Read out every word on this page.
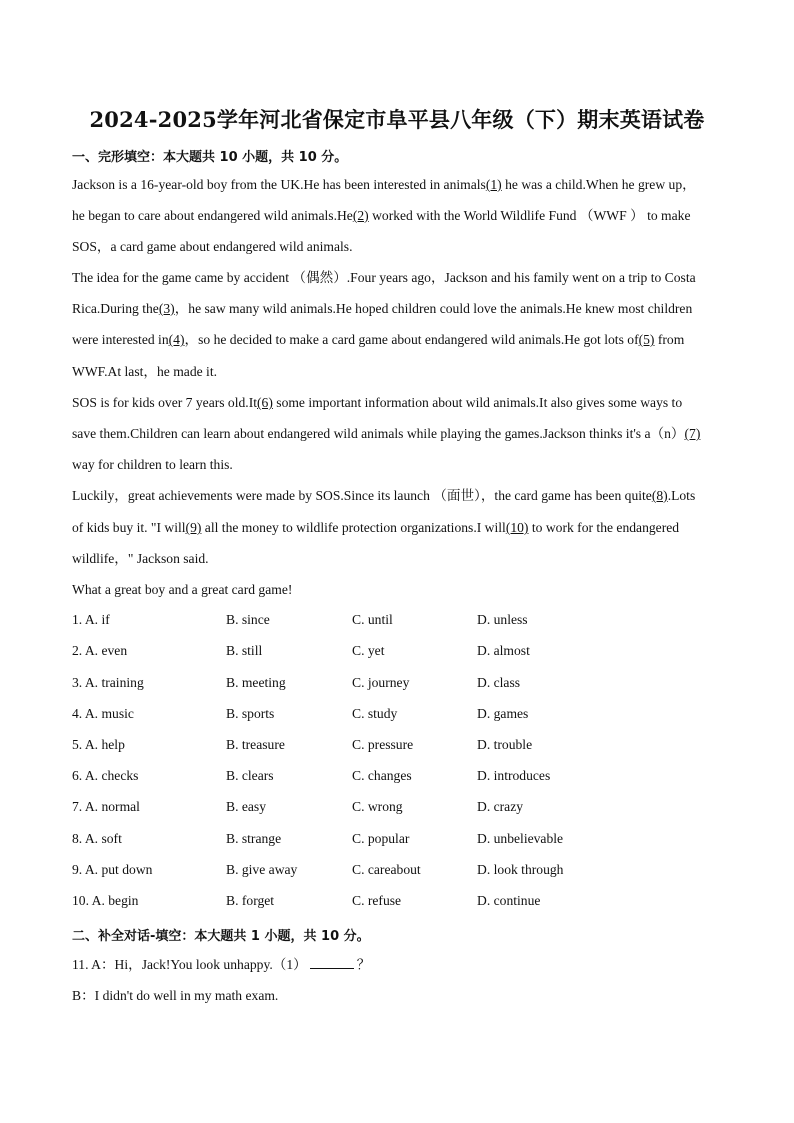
2024-2025学年河北省保定市阜平县八年级（下）期末英语试卷
一、完形填空：本大题共 10 小题，共 10 分。
Jackson is a 16-year-old boy from the UK.He has been interested in animals(1) he was a child.When he grew up，
he began to care about endangered wild animals.He(2) worked with the World Wildlife Fund （WWF ） to make
SOS，a card game about endangered wild animals.
The idea for the game came by accident （偶然）.Four years ago，Jackson and his family went on a trip to Costa
Rica.During the(3)，he saw many wild animals.He hoped children could love the animals.He knew most children
were interested in(4)，so he decided to make a card game about endangered wild animals.He got lots of(5) from
WWF.At last，he made it.
SOS is for kids over 7 years old.It(6) some important information about wild animals.It also gives some ways to
save them.Children can learn about endangered wild animals while playing the games.Jackson thinks it's a（n）(7)
way for children to learn this.
Luckily，great achievements were made by SOS.Since its launch （面世），the card game has been quite(8).Lots
of kids buy it. "I will(9) all the money to wildlife protection organizations.I will(10) to work for the endangered
wildlife，" Jackson said.
What a great boy and a great card game!
1. A. if	B. since	C. until	D. unless
2. A. even	B. still	C. yet	D. almost
3. A. training	B. meeting	C. journey	D. class
4. A. music	B. sports	C. study	D. games
5. A. help	B. treasure	C. pressure	D. trouble
6. A. checks	B. clears	C. changes	D. introduces
7. A. normal	B. easy	C. wrong	D. crazy
8. A. soft	B. strange	C. popular	D. unbelievable
9. A. put down	B. give away	C. careabout	D. look through
10. A. begin	B. forget	C. refuse	D. continue
二、补全对话-填空：本大题共 1 小题，共 10 分。
11. A：Hi，Jack!You look unhappy.（1）	？
B：I didn't do well in my math exam.
